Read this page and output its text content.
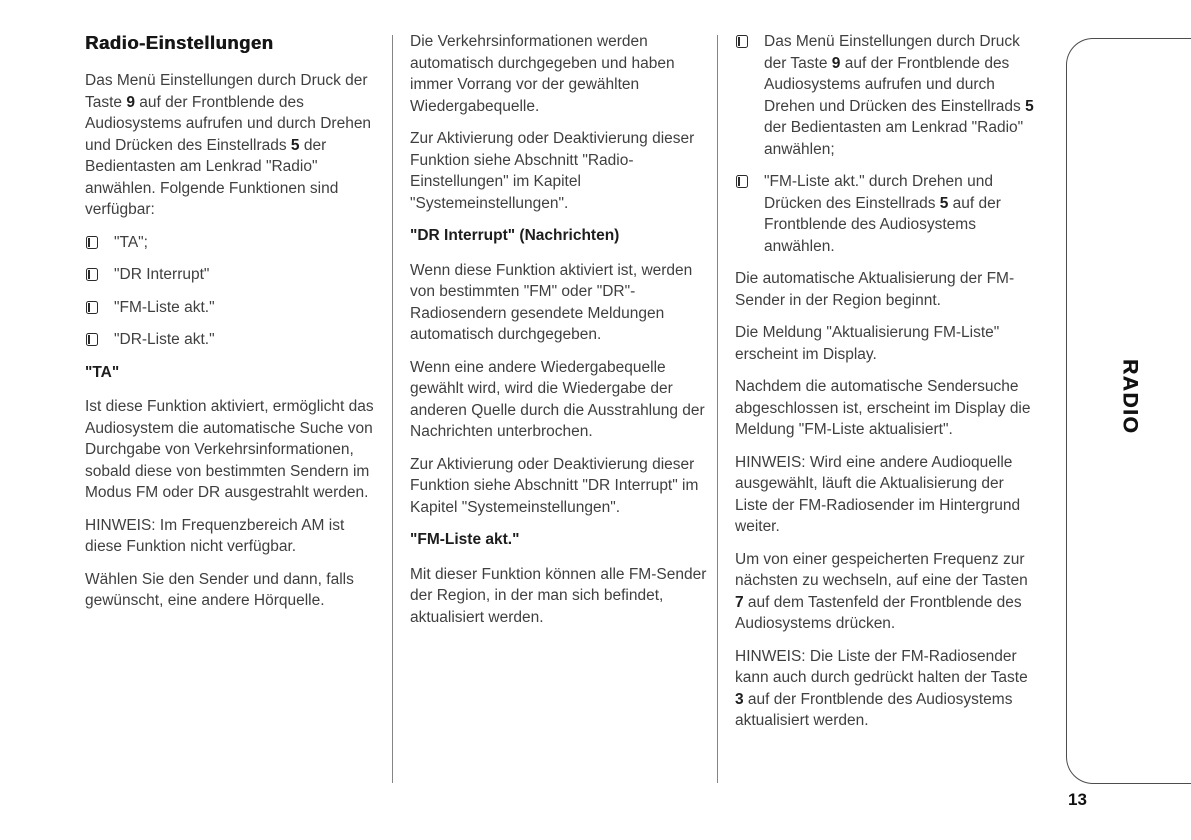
Radio-Einstellungen
Das Menü Einstellungen durch Druck der Taste 9 auf der Frontblende des Audiosystems aufrufen und durch Drehen und Drücken des Einstellrads 5 der Bedientasten am Lenkrad "Radio" anwählen. Folgende Funktionen sind verfügbar:
"TA";
"DR Interrupt"
"FM-Liste akt."
"DR-Liste akt."
"TA"
Ist diese Funktion aktiviert, ermöglicht das Audiosystem die automatische Suche von Durchgabe von Verkehrsinformationen, sobald diese von bestimmten Sendern im Modus FM oder DR ausgestrahlt werden.
HINWEIS: Im Frequenzbereich AM ist diese Funktion nicht verfügbar.
Wählen Sie den Sender und dann, falls gewünscht, eine andere Hörquelle.
Die Verkehrsinformationen werden automatisch durchgegeben und haben immer Vorrang vor der gewählten Wiedergabequelle.
Zur Aktivierung oder Deaktivierung dieser Funktion siehe Abschnitt "Radio-Einstellungen" im Kapitel "Systemeinstellungen".
"DR Interrupt" (Nachrichten)
Wenn diese Funktion aktiviert ist, werden von bestimmten "FM" oder "DR"-Radiosendern gesendete Meldungen automatisch durchgegeben.
Wenn eine andere Wiedergabequelle gewählt wird, wird die Wiedergabe der anderen Quelle durch die Ausstrahlung der Nachrichten unterbrochen.
Zur Aktivierung oder Deaktivierung dieser Funktion siehe Abschnitt "DR Interrupt" im Kapitel "Systemeinstellungen".
"FM-Liste akt."
Mit dieser Funktion können alle FM-Sender der Region, in der man sich befindet, aktualisiert werden.
Das Menü Einstellungen durch Druck der Taste 9 auf der Frontblende des Audiosystems aufrufen und durch Drehen und Drücken des Einstellrads 5 der Bedientasten am Lenkrad "Radio" anwählen;
"FM-Liste akt." durch Drehen und Drücken des Einstellrads 5 auf der Frontblende des Audiosystems anwählen.
Die automatische Aktualisierung der FM-Sender in der Region beginnt.
Die Meldung "Aktualisierung FM-Liste" erscheint im Display.
Nachdem die automatische Sendersuche abgeschlossen ist, erscheint im Display die Meldung "FM-Liste aktualisiert".
HINWEIS: Wird eine andere Audioquelle ausgewählt, läuft die Aktualisierung der Liste der FM-Radiosender im Hintergrund weiter.
Um von einer gespeicherten Frequenz zur nächsten zu wechseln, auf eine der Tasten 7 auf dem Tastenfeld der Frontblende des Audiosystems drücken.
HINWEIS: Die Liste der FM-Radiosender kann auch durch gedrückt halten der Taste 3 auf der Frontblende des Audiosystems aktualisiert werden.
RADIO
13
